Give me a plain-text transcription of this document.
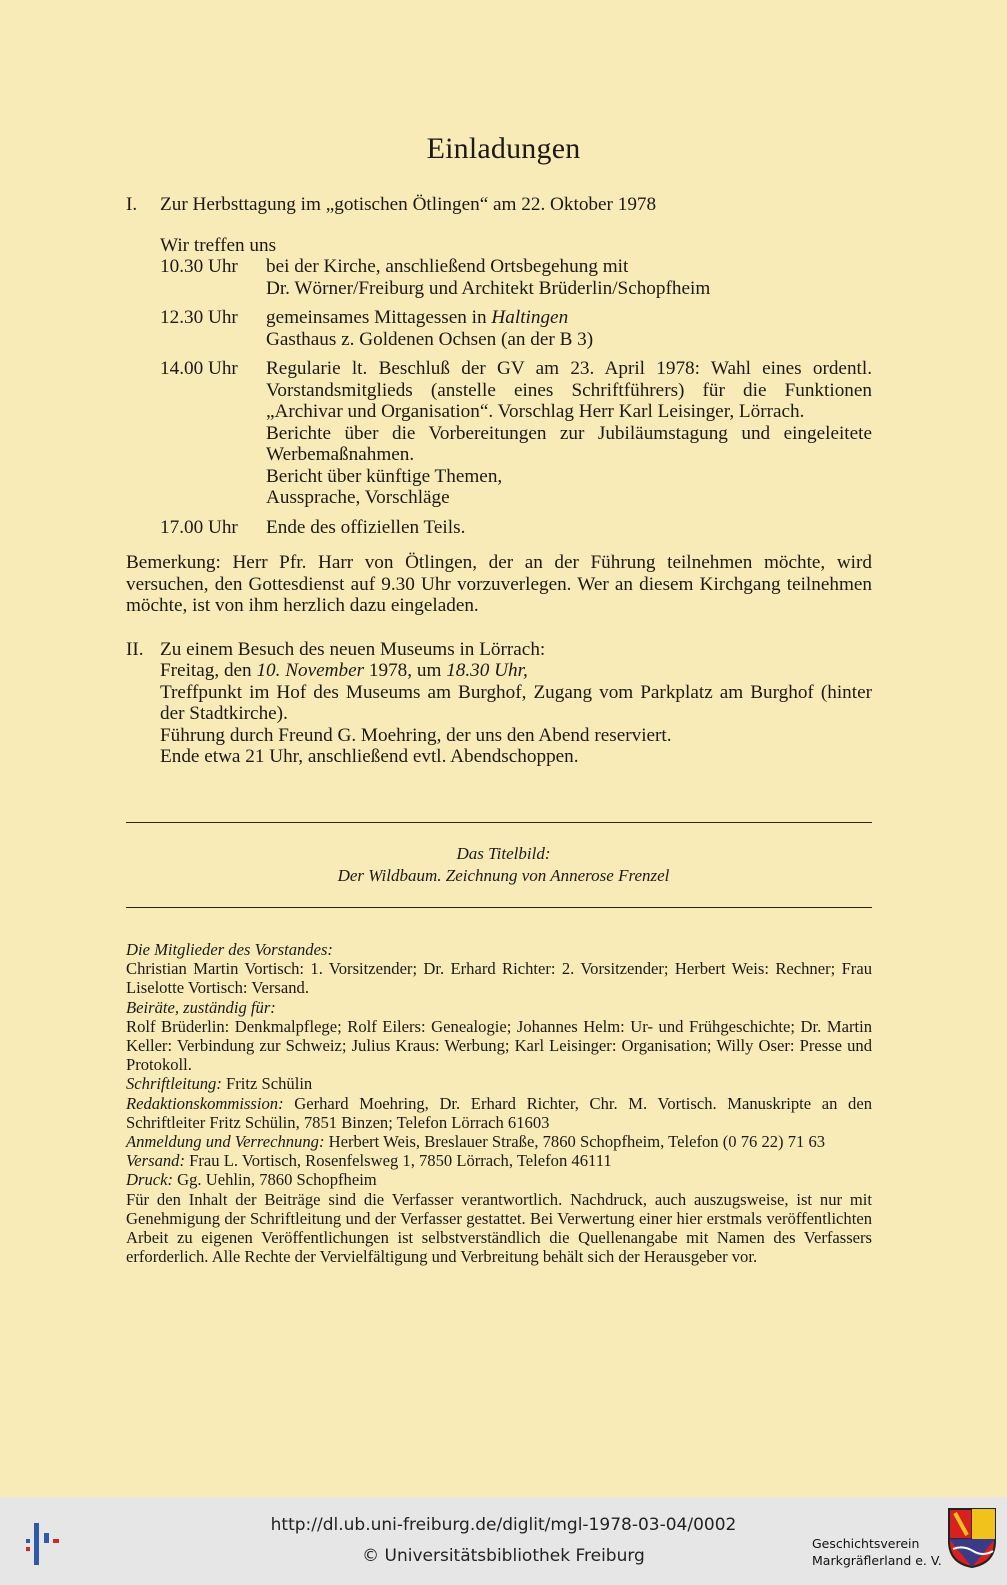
Einladungen
I. Zur Herbsttagung im „gotischen Ötlingen“ am 22. Oktober 1978
Wir treffen uns
10.30 Uhr	bei der Kirche, anschließend Ortsbegehung mit
Dr. Wörner/Freiburg und Architekt Brüderlin/Schopfheim
12.30 Uhr	gemeinsames Mittagessen in Haltingen
Gasthaus z. Goldenen Ochsen (an der B 3)
14.00 Uhr	Regularie lt. Beschluß der GV am 23. April 1978: Wahl eines ordentl. Vorstandsmitglieds (anstelle eines Schriftführers) für die Funktionen „Archivar und Organisation“. Vorschlag Herr Karl Leisinger, Lörrach.
Berichte über die Vorbereitungen zur Jubiläumstagung und eingeleitete Werbemaßnahmen.
Bericht über künftige Themen,
Aussprache, Vorschläge
17.00 Uhr	Ende des offiziellen Teils.
Bemerkung: Herr Pfr. Harr von Ötlingen, der an der Führung teilnehmen möchte, wird versuchen, den Gottesdienst auf 9.30 Uhr vorzuverlegen. Wer an diesem Kirchgang teilnehmen möchte, ist von ihm herzlich dazu eingeladen.
II. Zu einem Besuch des neuen Museums in Lörrach:
Freitag, den 10. November 1978, um 18.30 Uhr,
Treffpunkt im Hof des Museums am Burghof, Zugang vom Parkplatz am Burghof (hinter der Stadtkirche).
Führung durch Freund G. Moehring, der uns den Abend reserviert.
Ende etwa 21 Uhr, anschließend evtl. Abendschoppen.
Das Titelbild:
Der Wildbaum. Zeichnung von Annerose Frenzel
Die Mitglieder des Vorstandes:
Christian Martin Vortisch: 1. Vorsitzender; Dr. Erhard Richter: 2. Vorsitzender; Herbert Weis: Rechner; Frau Liselotte Vortisch: Versand.
Beiräte, zuständig für:
Rolf Brüderlin: Denkmalpflege; Rolf Eilers: Genealogie; Johannes Helm: Ur- und Frühgeschichte; Dr. Martin Keller: Verbindung zur Schweiz; Julius Kraus: Werbung; Karl Leisinger: Organisation; Willy Oser: Presse und Protokoll.
Schriftleitung: Fritz Schülin
Redaktionskommission: Gerhard Moehring, Dr. Erhard Richter, Chr. M. Vortisch. Manuskripte an den Schriftleiter Fritz Schülin, 7851 Binzen; Telefon Lörrach 61603
Anmeldung und Verrechnung: Herbert Weis, Breslauer Straße, 7860 Schopfheim, Telefon (0 76 22) 71 63
Versand: Frau L. Vortisch, Rosenfelsweg 1, 7850 Lörrach, Telefon 46111
Druck: Gg. Uehlin, 7860 Schopfheim
Für den Inhalt der Beiträge sind die Verfasser verantwortlich. Nachdruck, auch auszugsweise, ist nur mit Genehmigung der Schriftleitung und der Verfasser gestattet. Bei Verwertung einer hier erstmals veröffentlichten Arbeit zu eigenen Veröffentlichungen ist selbstverständlich die Quellenangabe mit Namen des Verfassers erforderlich. Alle Rechte der Vervielfältigung und Verbreitung behält sich der Herausgeber vor.
http://dl.ub.uni-freiburg.de/diglit/mgl-1978-03-04/0002
© Universitätsbibliothek Freiburg
Geschichtsverein
Markgräflerland e. V.
